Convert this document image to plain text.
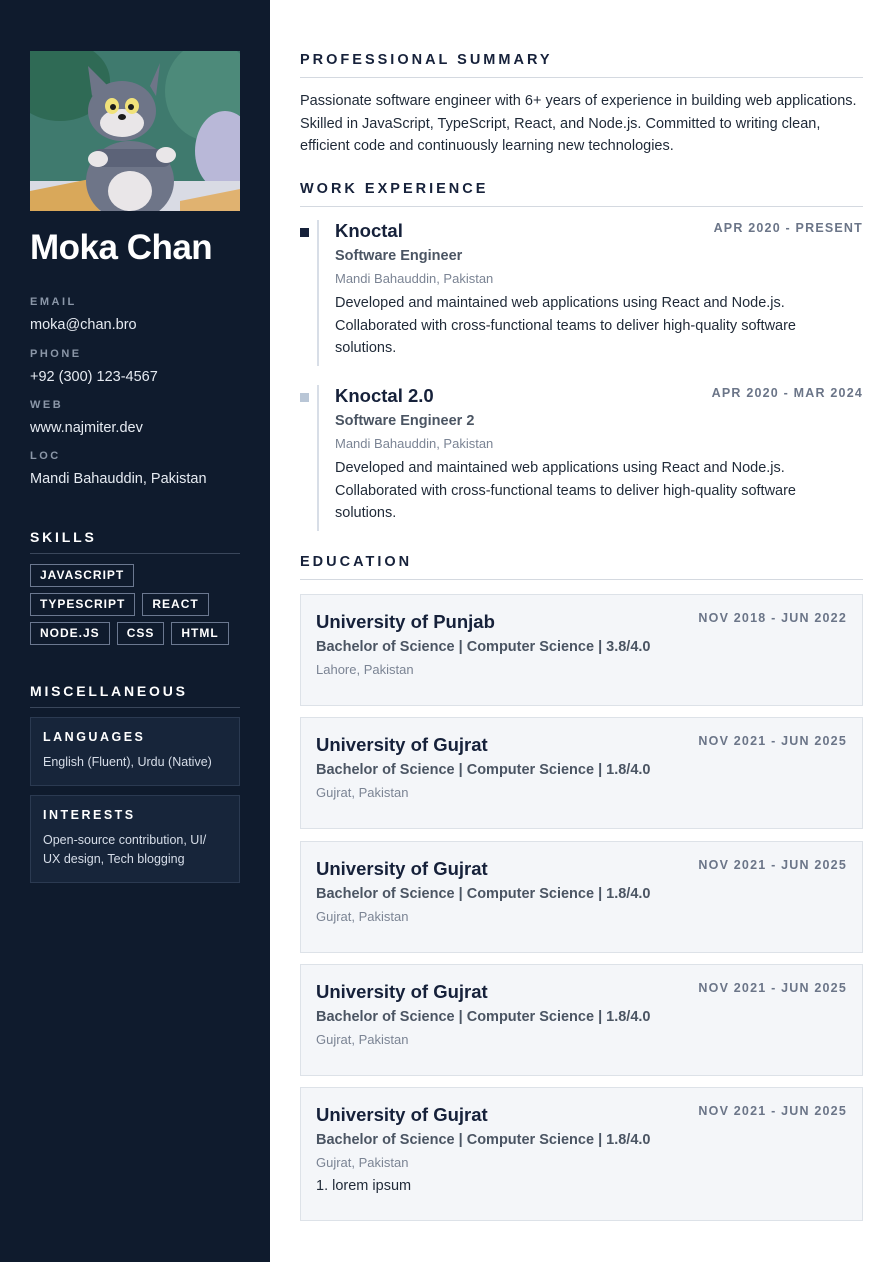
Moka Chan
EMAIL
moka@chan.bro
PHONE
+92 (300) 123-4567
WEB
www.najmiter.dev
LOC
Mandi Bahauddin, Pakistan
SKILLS
JAVASCRIPT
TYPESCRIPT	REACT
NODE.JS	CSS	HTML
MISCELLANEOUS
LANGUAGES
English (Fluent), Urdu (Native)
INTERESTS
Open-source contribution, UI/ UX design, Tech blogging
PROFESSIONAL SUMMARY

Passionate software engineer with 6+ years of experience in building web applications. Skilled in JavaScript, TypeScript, React, and Node.js. Committed to writing clean, efficient code and continuously learning new technologies.

WORK EXPERIENCE
Knoctal	APR 2020 - PRESENT
Software Engineer
Mandi Bahauddin, Pakistan
Developed and maintained web applications using React and Node.js. Collaborated with cross-functional teams to deliver high-quality software solutions.
Knoctal 2.0	APR 2020 - MAR 2024
Software Engineer 2
Mandi Bahauddin, Pakistan
Developed and maintained web applications using React and Node.js. Collaborated with cross-functional teams to deliver high-quality software solutions.
EDUCATION
University of Punjab	NOV 2018 - JUN 2022
Bachelor of Science | Computer Science | 3.8/4.0
Lahore, Pakistan
University of Gujrat	NOV 2021 - JUN 2025
Bachelor of Science | Computer Science | 1.8/4.0
Gujrat, Pakistan
University of Gujrat	NOV 2021 - JUN 2025
Bachelor of Science | Computer Science | 1.8/4.0
Gujrat, Pakistan
University of Gujrat	NOV 2021 - JUN 2025
Bachelor of Science | Computer Science | 1.8/4.0
Gujrat, Pakistan
University of Gujrat	NOV 2021 - JUN 2025
Bachelor of Science | Computer Science | 1.8/4.0
Gujrat, Pakistan
1. lorem ipsum
